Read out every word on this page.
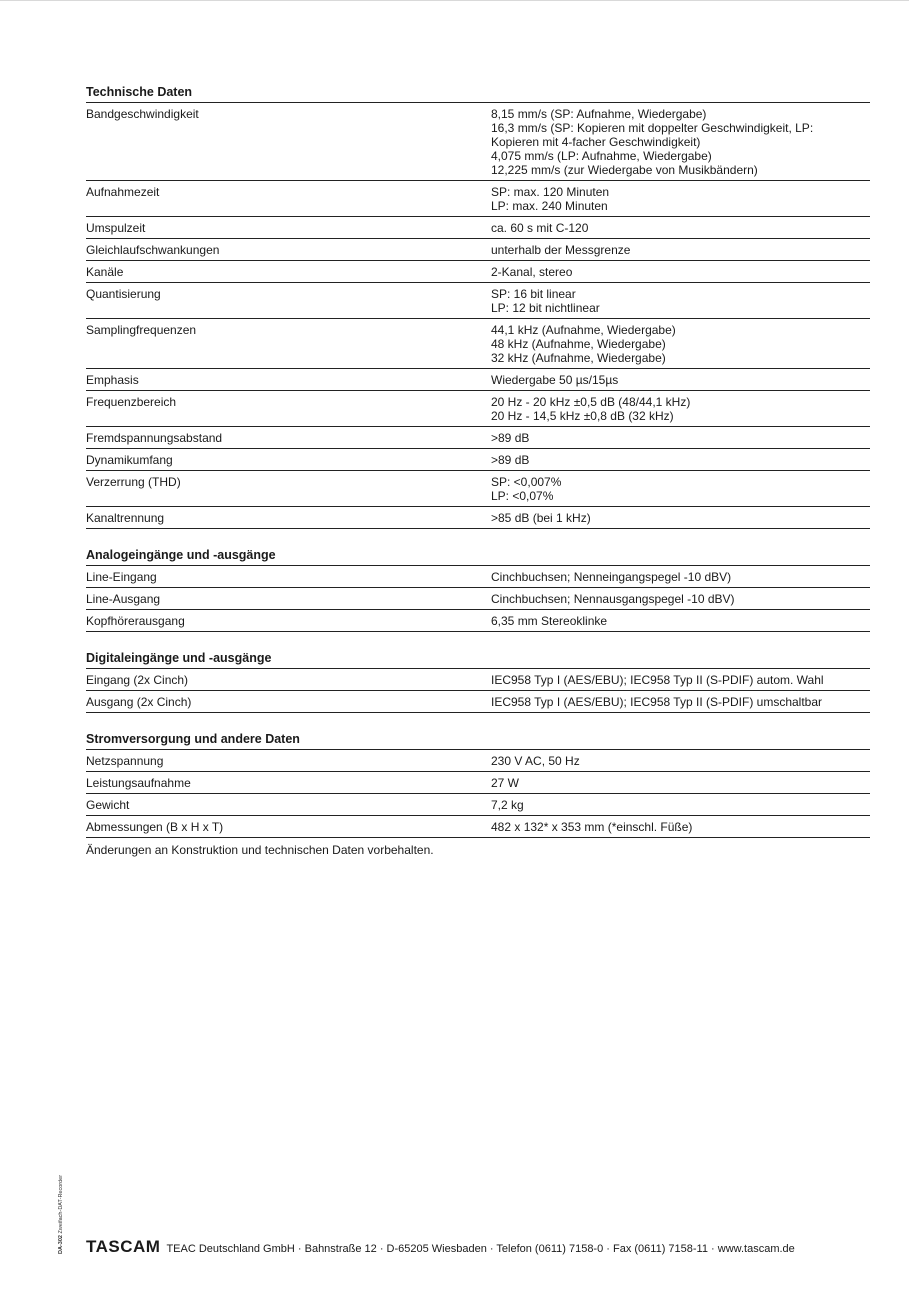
Technische Daten
Bandgeschwindigkeit	8,15 mm/s (SP: Aufnahme, Wiedergabe)
16,3 mm/s (SP: Kopieren mit doppelter Geschwindigkeit, LP:
Kopieren mit 4-facher Geschwindigkeit)
4,075 mm/s (LP: Aufnahme, Wiedergabe)
12,225 mm/s (zur Wiedergabe von Musikbändern)
Aufnahmezeit	SP: max. 120 Minuten
LP: max. 240 Minuten
Umspulzeit	ca. 60 s mit C-120
Gleichlaufschwankungen	unterhalb der Messgrenze
Kanäle	2-Kanal, stereo
Quantisierung	SP: 16 bit linear
LP: 12 bit nichtlinear
Samplingfrequenzen	44,1 kHz (Aufnahme, Wiedergabe)
48 kHz (Aufnahme, Wiedergabe)
32 kHz (Aufnahme, Wiedergabe)
Emphasis	Wiedergabe 50 µs/15µs
Frequenzbereich	20 Hz - 20 kHz ±0,5 dB (48/44,1 kHz)
20 Hz - 14,5 kHz ±0,8 dB (32 kHz)
Fremdspannungsabstand	>89 dB
Dynamikumfang	>89 dB
Verzerrung (THD)	SP: <0,007%
LP: <0,07%
Kanaltrennung	>85 dB (bei 1 kHz)
Analogeingänge und -ausgänge
Line-Eingang	Cinchbuchsen; Nenneingangspegel -10 dBV)
Line-Ausgang	Cinchbuchsen; Nennausgangspegel -10 dBV)
Kopfhörerausgang	6,35 mm Stereoklinke
Digitaleingänge und -ausgänge
Eingang (2x Cinch)	IEC958 Typ I (AES/EBU); IEC958 Typ II (S-PDIF) autom. Wahl
Ausgang (2x Cinch)	IEC958 Typ I (AES/EBU); IEC958 Typ II (S-PDIF) umschaltbar
Stromversorgung und andere Daten
Netzspannung	230 V AC, 50 Hz
Leistungsaufnahme	27 W
Gewicht	7,2 kg
Abmessungen (B x H x T)	482 x 132* x 353 mm (*einschl. Füße)
Änderungen an Konstruktion und technischen Daten vorbehalten.
DA-302 Zweifach-DAT-Recorder
TASCAM TEAC Deutschland GmbH · Bahnstraße 12 · D-65205 Wiesbaden · Telefon (0611) 7158-0 · Fax (0611) 7158-11 · www.tascam.de
